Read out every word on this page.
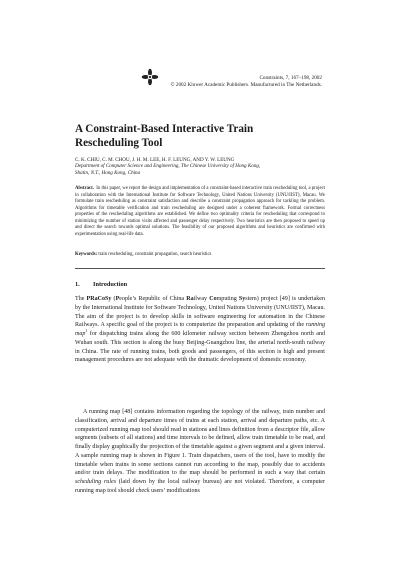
Constraints, 7, 167–198, 2002
© 2002 Kluwer Academic Publishers. Manufactured in The Netherlands.
A Constraint-Based Interactive Train
Rescheduling Tool
C. K. CHIU, C. M. CHOU, J. H. M. LEE, H. F. LEUNG, AND Y. W. LEUNG
Department of Computer Science and Engineering, The Chinese University of Hong Kong,
Shatin, N.T., Hong Kong, China
Abstract. In this paper, we report the design and implementation of a constraint-based interactive train rescheduling tool, a project in collaboration with the International Institute for Software Technology, United Nations University (UNU/IIST), Macau. We formulate train rescheduling as constraint satisfaction and describe a constraint propagation approach for tackling the problem. Algorithms for timetable verification and train rescheduling are designed under a coherent framework. Formal correctness properties of the rescheduling algorithms are established. We define two optimality criteria for rescheduling that correspond to minimizing the number of station visits affected and passenger delay respectively. Two heuristics are then proposed to speed up and direct the search towards optimal solutions. The feasibility of our proposed algorithms and heuristics are confirmed with experimentation using real-life data.
Keywords: train rescheduling, constraint propagation, search heuristics
1. Introduction
The PRaCoSy (People’s Republic of China Railway Computing System) project [49] is undertaken by the International Institute for Software Technology, United Nations University (UNU/IIST), Macau. The aim of the project is to develop skills in software engineering for automation in the Chinese Railways. A specific goal of the project is to computerize the preparation and updating of the running map$^1$ for dispatching trains along the 600 kilometer railway section between Zhengzhou north and Wuhan south. This section is along the busy Beijing-Guangzhou line, the arterial north-south railway in China. The rate of running trains, both goods and passengers, of this section is high and present management procedures are not adequate with the dramatic development of domestic economy.
A running map [48] contains information regarding the topology of the railway, train number and classification, arrival and departure times of trains at each station, arrival and departure paths, etc. A computerized running map tool should read in stations and lines definition from a descriptor file, allow segments (subsets of all stations) and time intervals to be defined, allow train timetable to be read, and finally display graphically the projection of the timetable against a given segment and a given interval. A sample running map is shown in Figure 1. Train dispatchers, users of the tool, have to modify the timetable when trains in some sections cannot run according to the map, possibly due to accidents and/or train delays. The modification to the map should be performed in such a way that certain scheduling rules (laid down by the local railway bureau) are not violated. Therefore, a computer running map tool should check users’ modifications
